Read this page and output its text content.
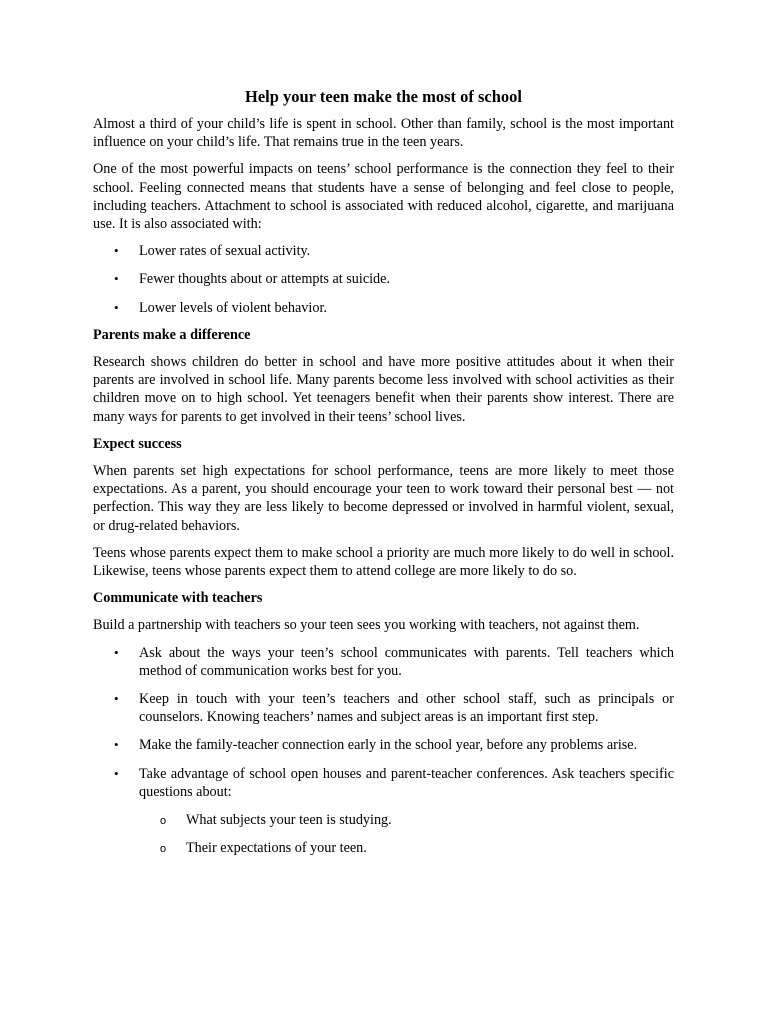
Help your teen make the most of school

Almost a third of your child’s life is spent in school. Other than family, school is the most important influence on your child’s life. That remains true in the teen years.

One of the most powerful impacts on teens’ school performance is the connection they feel to their school. Feeling connected means that students have a sense of belonging and feel close to people, including teachers. Attachment to school is associated with reduced alcohol, cigarette, and marijuana use. It is also associated with:

• Lower rates of sexual activity.
• Fewer thoughts about or attempts at suicide.
• Lower levels of violent behavior.
Parents make a difference

Research shows children do better in school and have more positive attitudes about it when their parents are involved in school life. Many parents become less involved with school activities as their children move on to high school. Yet teenagers benefit when their parents show interest. There are many ways for parents to get involved in their teens’ school lives.

Expect success

When parents set high expectations for school performance, teens are more likely to meet those expectations. As a parent, you should encourage your teen to work toward their personal best — not perfection. This way they are less likely to become depressed or involved in harmful violent, sexual, or drug-related behaviors.

Teens whose parents expect them to make school a priority are much more likely to do well in school. Likewise, teens whose parents expect them to attend college are more likely to do so.

Communicate with teachers

Build a partnership with teachers so your teen sees you working with teachers, not against them.

• Ask about the ways your teen’s school communicates with parents. Tell teachers which method of communication works best for you.
• Keep in touch with your teen’s teachers and other school staff, such as principals or counselors. Knowing teachers’ names and subject areas is an important first step.
• Make the family-teacher connection early in the school year, before any problems arise.
• Take advantage of school open houses and parent-teacher conferences. Ask teachers specific questions about:
o What subjects your teen is studying.
o Their expectations of your teen.
